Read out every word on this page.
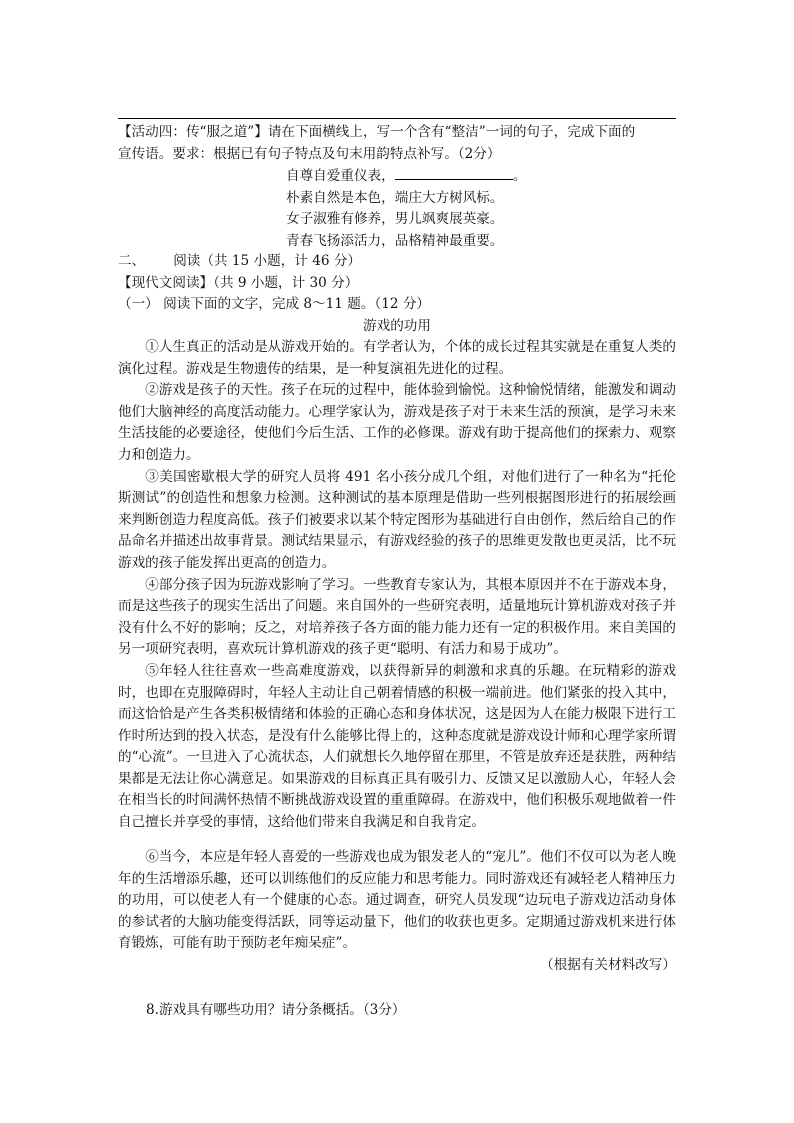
【活动四：传“服之道”】请在下面横线上，写一个含有“整洁”一词的句子，完成下面的

宣传语。要求：根据已有句子特点及句末用韵特点补写。（2分）

自尊自爱重仪表，	。

朴素自然是本色，端庄大方树风标。

女子淑雅有修养，男儿飒爽展英豪。

青春飞扬添活力，品格精神最重要。

二、 阅读（共 15 小题，计 46 分）

【现代文阅读】（共 9 小题，计 30 分）

（一） 阅读下面的文字，完成 8～11 题。（12 分）

游戏的功用

①人生真正的活动是从游戏开始的。有学者认为，个体的成长过程其实就是在重复人类的演化过程。游戏是生物遗传的结果，是一种复演祖先进化的过程。

②游戏是孩子的天性。孩子在玩的过程中，能体验到愉悦。这种愉悦情绪，能激发和调动他们大脑神经的高度活动能力。心理学家认为，游戏是孩子对于未来生活的预演，是学习未来生活技能的必要途径，使他们今后生活、工作的必修课。游戏有助于提高他们的探索力、观察力和创造力。

③美国密歇根大学的研究人员将 491 名小孩分成几个组，对他们进行了一种名为“托伦斯测试”的创造性和想象力检测。这种测试的基本原理是借助一些列根据图形进行的拓展绘画来判断创造力程度高低。孩子们被要求以某个特定图形为基础进行自由创作，然后给自己的作品命名并描述出故事背景。测试结果显示，有游戏经验的孩子的思维更发散也更灵活，比不玩游戏的孩子能发挥出更高的创造力。

④部分孩子因为玩游戏影响了学习。一些教育专家认为，其根本原因并不在于游戏本身，而是这些孩子的现实生活出了问题。来自国外的一些研究表明，适量地玩计算机游戏对孩子并没有什么不好的影响；反之，对培养孩子各方面的能力能力还有一定的积极作用。来自美国的另一项研究表明，喜欢玩计算机游戏的孩子更“聪明、有活力和易于成功”。

⑤年轻人往往喜欢一些高难度游戏，以获得新异的刺激和求真的乐趣。在玩精彩的游戏时，也即在克服障碍时，年轻人主动让自己朝着情感的积极一端前进。他们紧张的投入其中，而这恰恰是产生各类积极情绪和体验的正确心态和身体状况，这是因为人在能力极限下进行工作时所达到的投入状态，是没有什么能够比得上的，这种态度就是游戏设计师和心理学家所谓的“心流”。一旦进入了心流状态，人们就想长久地停留在那里，不管是放弃还是获胜，两种结果都是无法让你心满意足。如果游戏的目标真正具有吸引力、反馈又足以激励人心，年轻人会在相当长的时间满怀热情不断挑战游戏设置的重重障碍。在游戏中，他们积极乐观地做着一件自己擅长并享受的事情，这给他们带来自我满足和自我肯定。

⑥当今，本应是年轻人喜爱的一些游戏也成为银发老人的“宠儿”。他们不仅可以为老人晚年的生活增添乐趣，还可以训练他们的反应能力和思考能力。同时游戏还有减轻老人精神压力的功用，可以使老人有一个健康的心态。通过调查，研究人员发现“边玩电子游戏边活动身体的参试者的大脑功能变得活跃，同等运动量下，他们的收获也更多。定期通过游戏机来进行体育锻炼，可能有助于预防老年痴呆症”。

（根据有关材料改写）

8.游戏具有哪些功用？请分条概括。（3分）
